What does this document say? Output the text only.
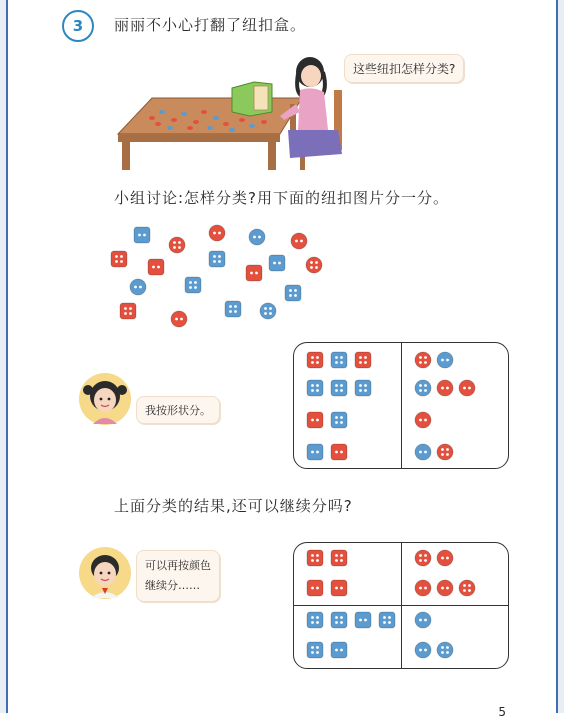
3	丽丽不小心打翻了纽扣盒。
这些纽扣怎样分类?
小组讨论:怎样分类?用下面的纽扣图片分一分。
我按形状分。
上面分类的结果,还可以继续分吗?
可以再按颜色
继续分……
5
